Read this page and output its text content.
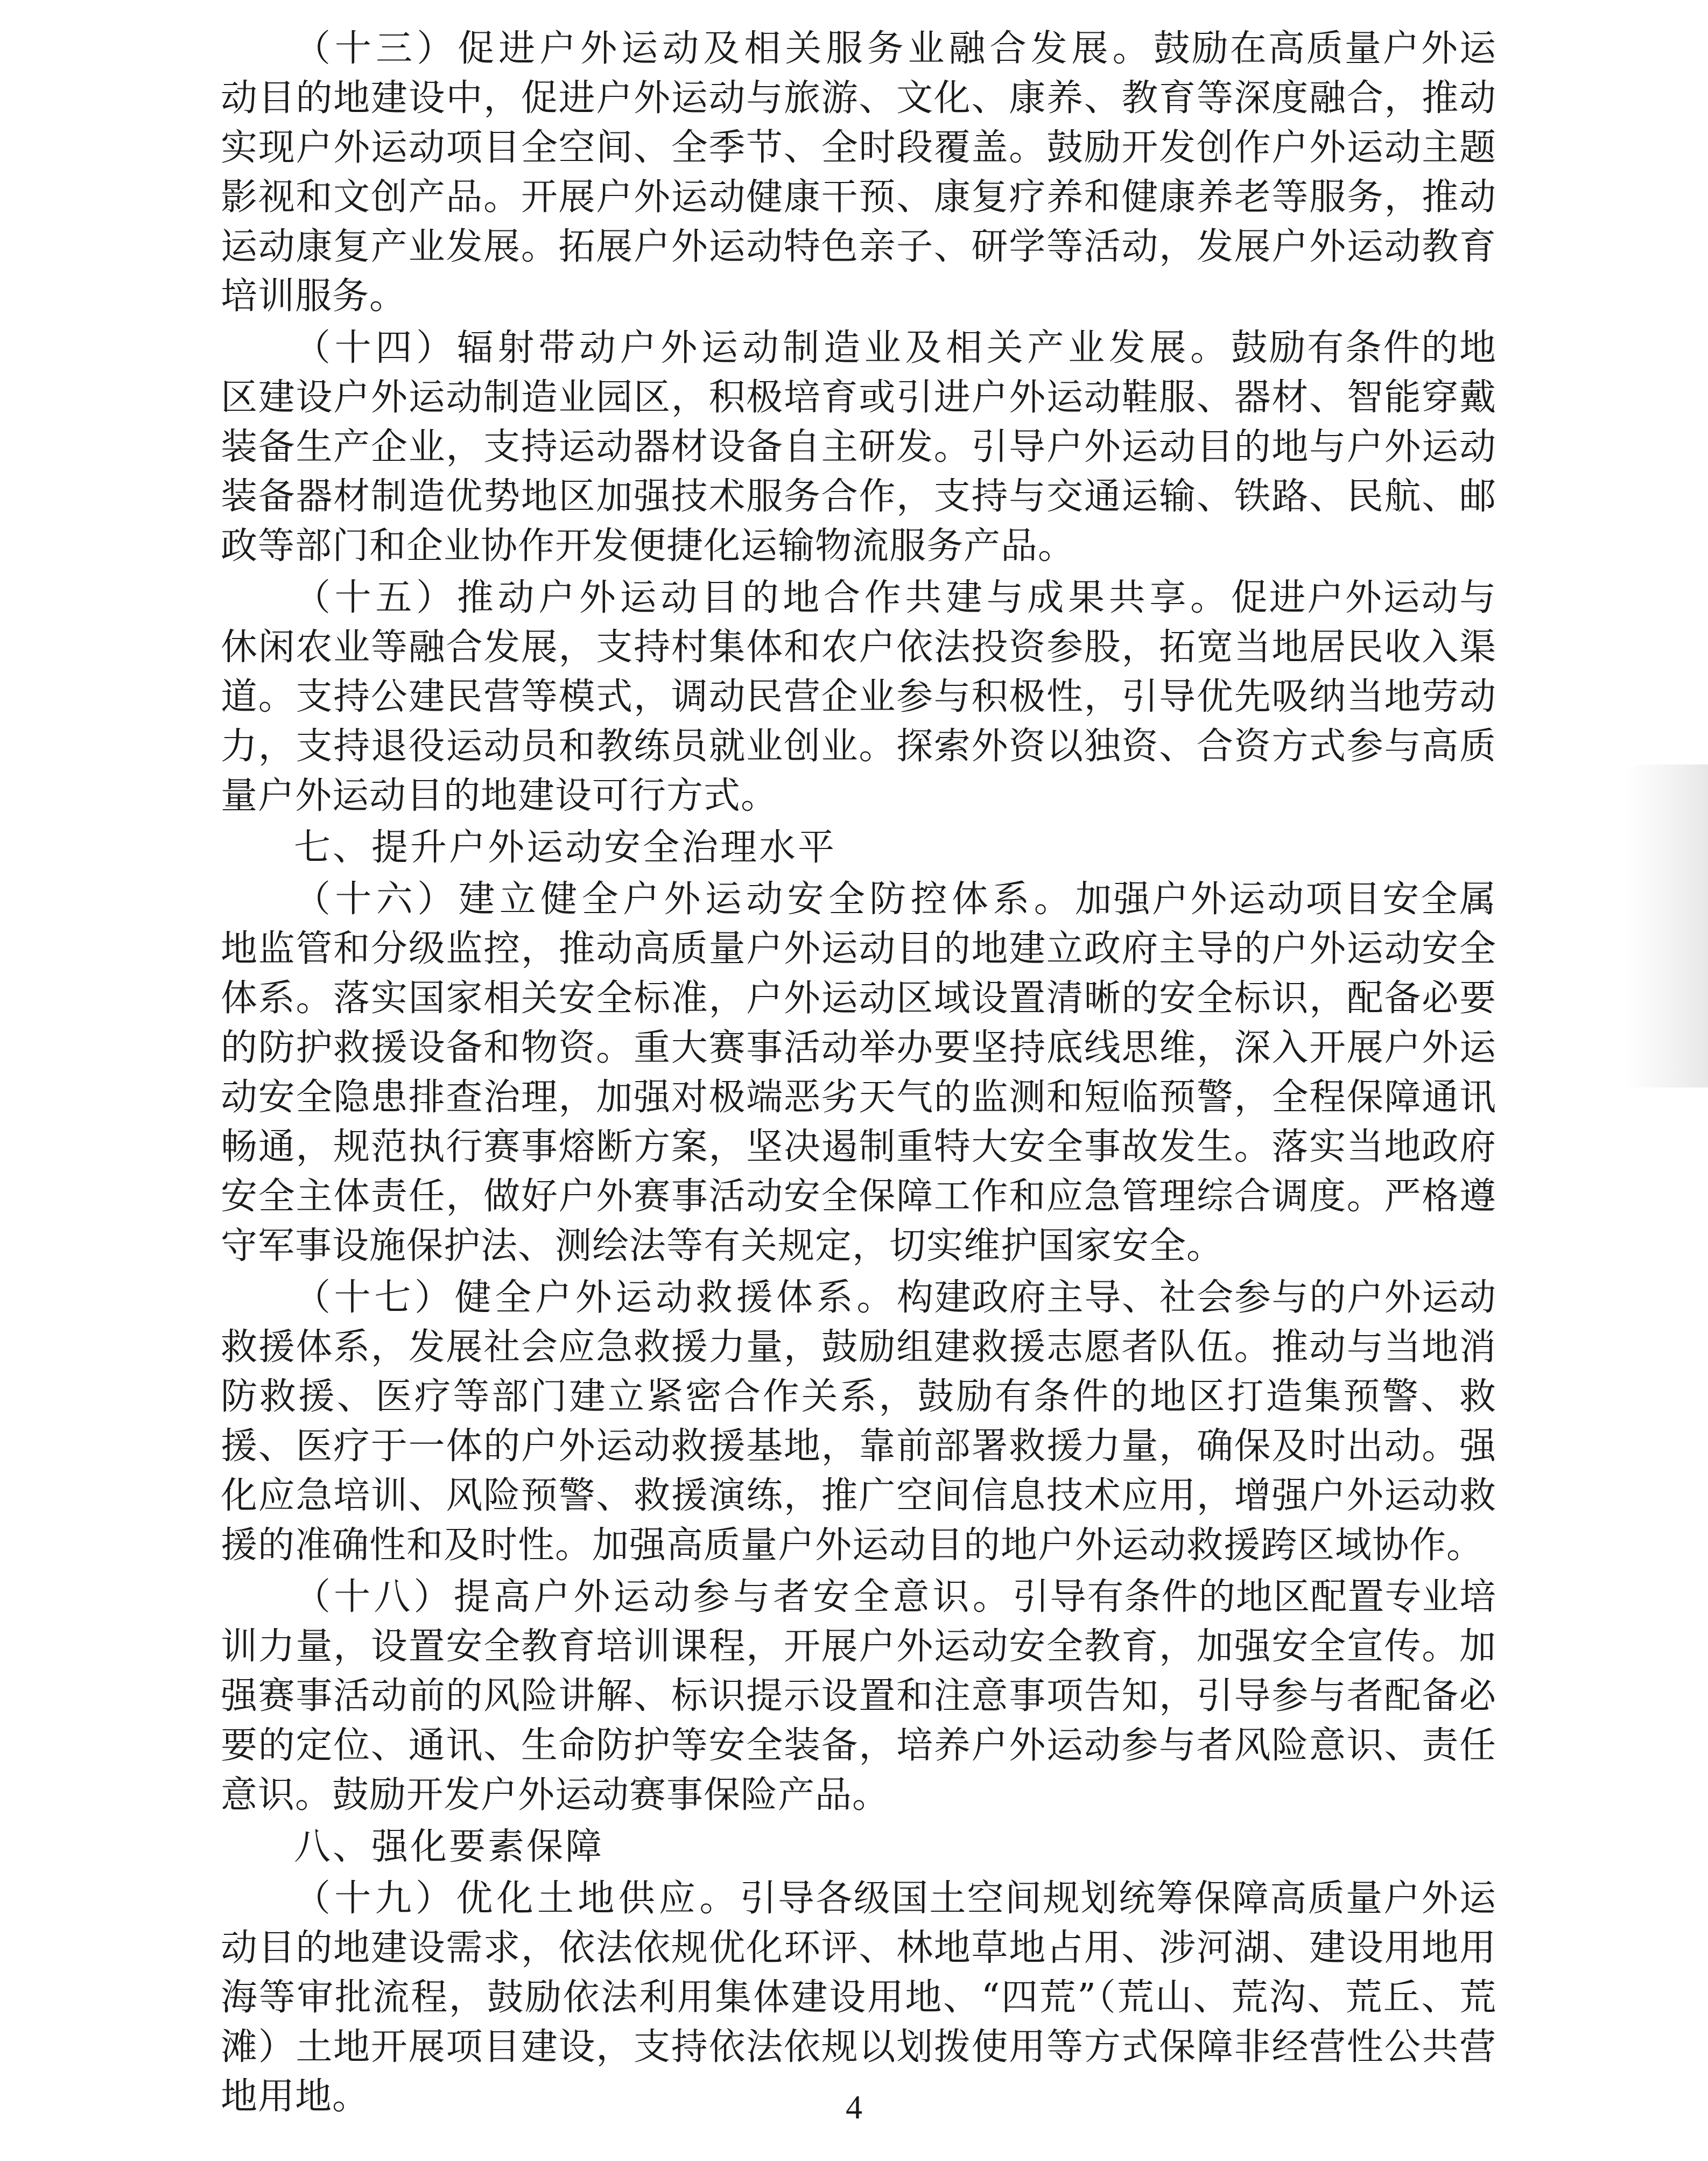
（十三）促进户外运动及相关服务业融合发展。鼓励在高质量户外运动目的地建设中，促进户外运动与旅游、文化、康养、教育等深度融合，推动实现户外运动项目全空间、全季节、全时段覆盖。鼓励开发创作户外运动主题影视和文创产品。开展户外运动健康干预、康复疗养和健康养老等服务，推动运动康复产业发展。拓展户外运动特色亲子、研学等活动，发展户外运动教育培训服务。

（十四）辐射带动户外运动制造业及相关产业发展。鼓励有条件的地区建设户外运动制造业园区，积极培育或引进户外运动鞋服、器材、智能穿戴装备生产企业，支持运动器材设备自主研发。引导户外运动目的地与户外运动装备器材制造优势地区加强技术服务合作，支持与交通运输、铁路、民航、邮政等部门和企业协作开发便捷化运输物流服务产品。

（十五）推动户外运动目的地合作共建与成果共享。促进户外运动与休闲农业等融合发展，支持村集体和农户依法投资参股，拓宽当地居民收入渠道。支持公建民营等模式，调动民营企业参与积极性，引导优先吸纳当地劳动力，支持退役运动员和教练员就业创业。探索外资以独资、合资方式参与高质量户外运动目的地建设可行方式。

七、提升户外运动安全治理水平

（十六）建立健全户外运动安全防控体系。加强户外运动项目安全属地监管和分级监控，推动高质量户外运动目的地建立政府主导的户外运动安全体系。落实国家相关安全标准，户外运动区域设置清晰的安全标识，配备必要的防护救援设备和物资。重大赛事活动举办要坚持底线思维，深入开展户外运动安全隐患排查治理，加强对极端恶劣天气的监测和短临预警，全程保障通讯畅通，规范执行赛事熔断方案，坚决遏制重特大安全事故发生。落实当地政府安全主体责任，做好户外赛事活动安全保障工作和应急管理综合调度。严格遵守军事设施保护法、测绘法等有关规定，切实维护国家安全。

（十七）健全户外运动救援体系。构建政府主导、社会参与的户外运动救援体系，发展社会应急救援力量，鼓励组建救援志愿者队伍。推动与当地消防救援、医疗等部门建立紧密合作关系，鼓励有条件的地区打造集预警、救援、医疗于一体的户外运动救援基地，靠前部署救援力量，确保及时出动。强化应急培训、风险预警、救援演练，推广空间信息技术应用，增强户外运动救援的准确性和及时性。加强高质量户外运动目的地户外运动救援跨区域协作。

（十八）提高户外运动参与者安全意识。引导有条件的地区配置专业培训力量，设置安全教育培训课程，开展户外运动安全教育，加强安全宣传。加强赛事活动前的风险讲解、标识提示设置和注意事项告知，引导参与者配备必要的定位、通讯、生命防护等安全装备，培养户外运动参与者风险意识、责任意识。鼓励开发户外运动赛事保险产品。

八、强化要素保障

（十九）优化土地供应。引导各级国土空间规划统筹保障高质量户外运动目的地建设需求，依法依规优化环评、林地草地占用、涉河湖、建设用地用海等审批流程，鼓励依法利用集体建设用地、“四荒”（荒山、荒沟、荒丘、荒滩）土地开展项目建设，支持依法依规以划拨使用等方式保障非经营性公共营地用地。	4
